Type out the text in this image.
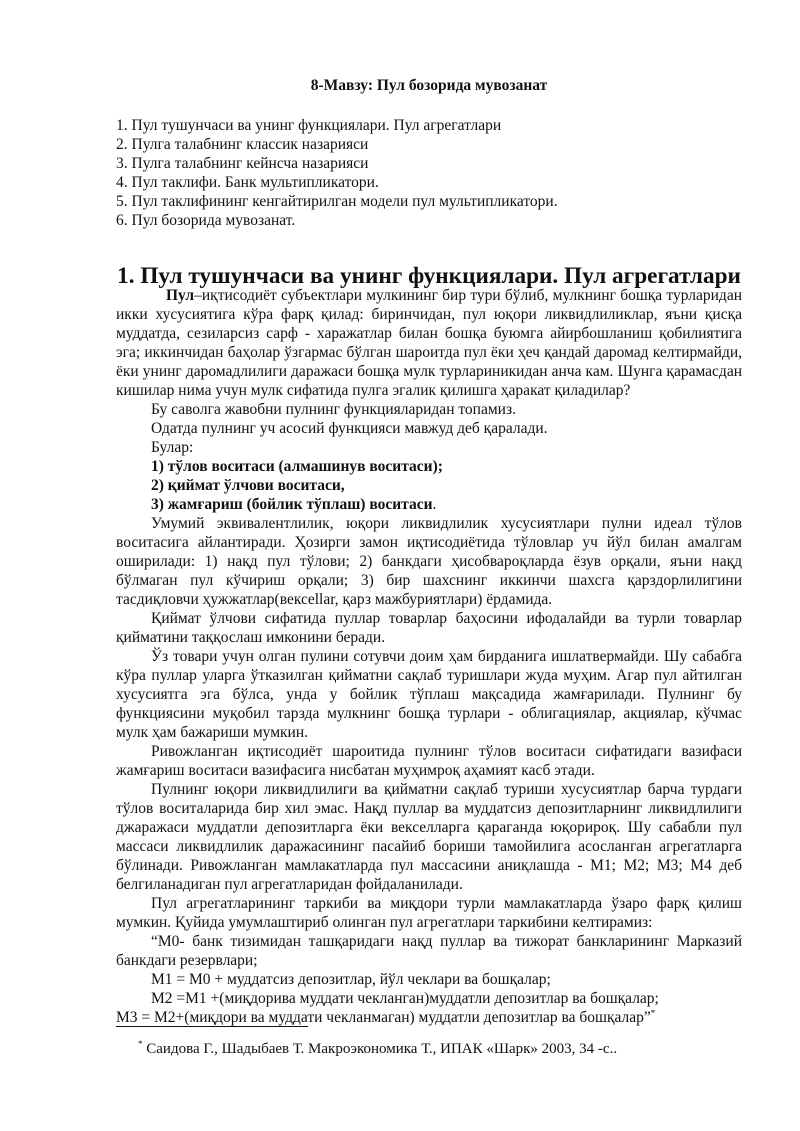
8-Мавзу: Пул бозорида мувозанат
1. Пул тушунчаси ва унинг функциялари. Пул агрегатлари
2. Пулга талабнинг классик назарияси
3. Пулга талабнинг кейнсча назарияси
4. Пул таклифи. Банк мультипликатори.
5. Пул таклифининг кенгайтирилган модели пул мультипликатори.
6. Пул бозорида мувозанат.
1. Пул тушунчаси ва унинг функциялари. Пул агрегатлари

Пул–иқтисодиёт субъектлари мулкининг бир тури бўлиб, мулкнинг бошқа турларидан икки хусусиятига кўра фарқ қилад: биринчидан, пул юқори ликвидлиликлар, яъни қисқа муддатда, сезиларсиз сарф - харажатлар билан бошқа буюмга айирбошланиш қобилиятига эга; иккинчидан баҳолар ўзгармас бўлган шароитда пул ёки ҳеч қандай даромад келтирмайди, ёки унинг даромадлилиги даражаси бошқа мулк турлариникидан анча кам. Шунга қарамасдан кишилар нима учун мулк сифатида пулга эгалик қилишга ҳаракат қиладилар?

Бу саволга жавобни пулнинг функцияларидан топамиз.

Одатда пулнинг уч асосий функцияси мавжуд деб қаралади.

Булар:

1) тўлов воситаси (алмашинув воситаси);

2) қиймат ўлчови воситаси,

3) жамғариш (бойлик тўплаш) воситаси.

Умумий эквивалентлилик, юқори ликвидлилик хусусиятлари пулни идеал тўлов воситасига айлантиради. Ҳозирги замон иқтисодиётида тўловлар уч йўл билан амалгам оширилади: 1) нақд пул тўлови; 2) банкдаги ҳисобвароқларда ёзув орқали, яъни нақд бўлмаган пул кўчириш орқали; 3) бир шахснинг иккинчи шахсга қарздорлилигини тасдиқловчи ҳужжатлар(вексellar, қарз мажбуриятлари) ёрдамида.

Қиймат ўлчови сифатида пуллар товарлар баҳосини ифодалайди ва турли товарлар қийматини таққослаш имконини беради.

Ўз товари учун олган пулини сотувчи доим ҳам бирданига ишлатвермайди. Шу сабабга кўра пуллар уларга ўтказилган қийматни сақлаб туришлари жуда муҳим. Агар пул айтилган хусусиятга эга бўлса, унда у бойлик тўплаш мақсадида жамғарилади. Пулнинг бу функциясини муқобил тарзда мулкнинг бошқа турлари - облигациялар, акциялар, кўчмас мулк ҳам бажариши мумкин.

Ривожланган иқтисодиёт шароитида пулнинг тўлов воситаси сифатидаги вазифаси жамғариш воситаси вазифасига нисбатан муҳимроқ аҳамият касб этади.

Пулнинг юқори ликвидлилиги ва қийматни сақлаб туриши хусусиятлар барча турдаги тўлов воситаларида бир хил эмас. Нақд пуллар ва муддатсиз депозитларнинг ликвидлилиги джаражаси муддатли депозитларга ёки векселларга қараганда юқорироқ. Шу сабабли пул массаси ликвидлилик даражасининг пасайиб бориши тамойилига асосланган агрегатларга бўлинади. Ривожланган мамлакатларда пул массасини аниқлашда - M1; M2; M3; M4 деб белгиланадиган пул агрегатларидан фойдаланилади.

Пул агрегатларининг таркиби ва миқдори турли мамлакатларда ўзаро фарқ қилиш мумкин. Қуйида умумлаштириб олинган пул агрегатлари таркибини келтирамиз:

“M0- банк тизимидан ташқаридаги нақд пуллар ва тижорат банкларининг Марказий банкдаги резервлари;

M1 = M0 + муддатсиз депозитлар, йўл чеклари ва бошқалар;

M2 =M1 +(миқдорива муддати чекланган)муддатли депозитлар ва бошқалар;

M3 = M2+(миқдори ва муддати чекланмаган) муддатли депозитлар ва бошқалар”*

* Саидова Г., Шадыбаев Т. Макроэкономика Т., ИПАК «Шарк» 2003, 34 -с..
